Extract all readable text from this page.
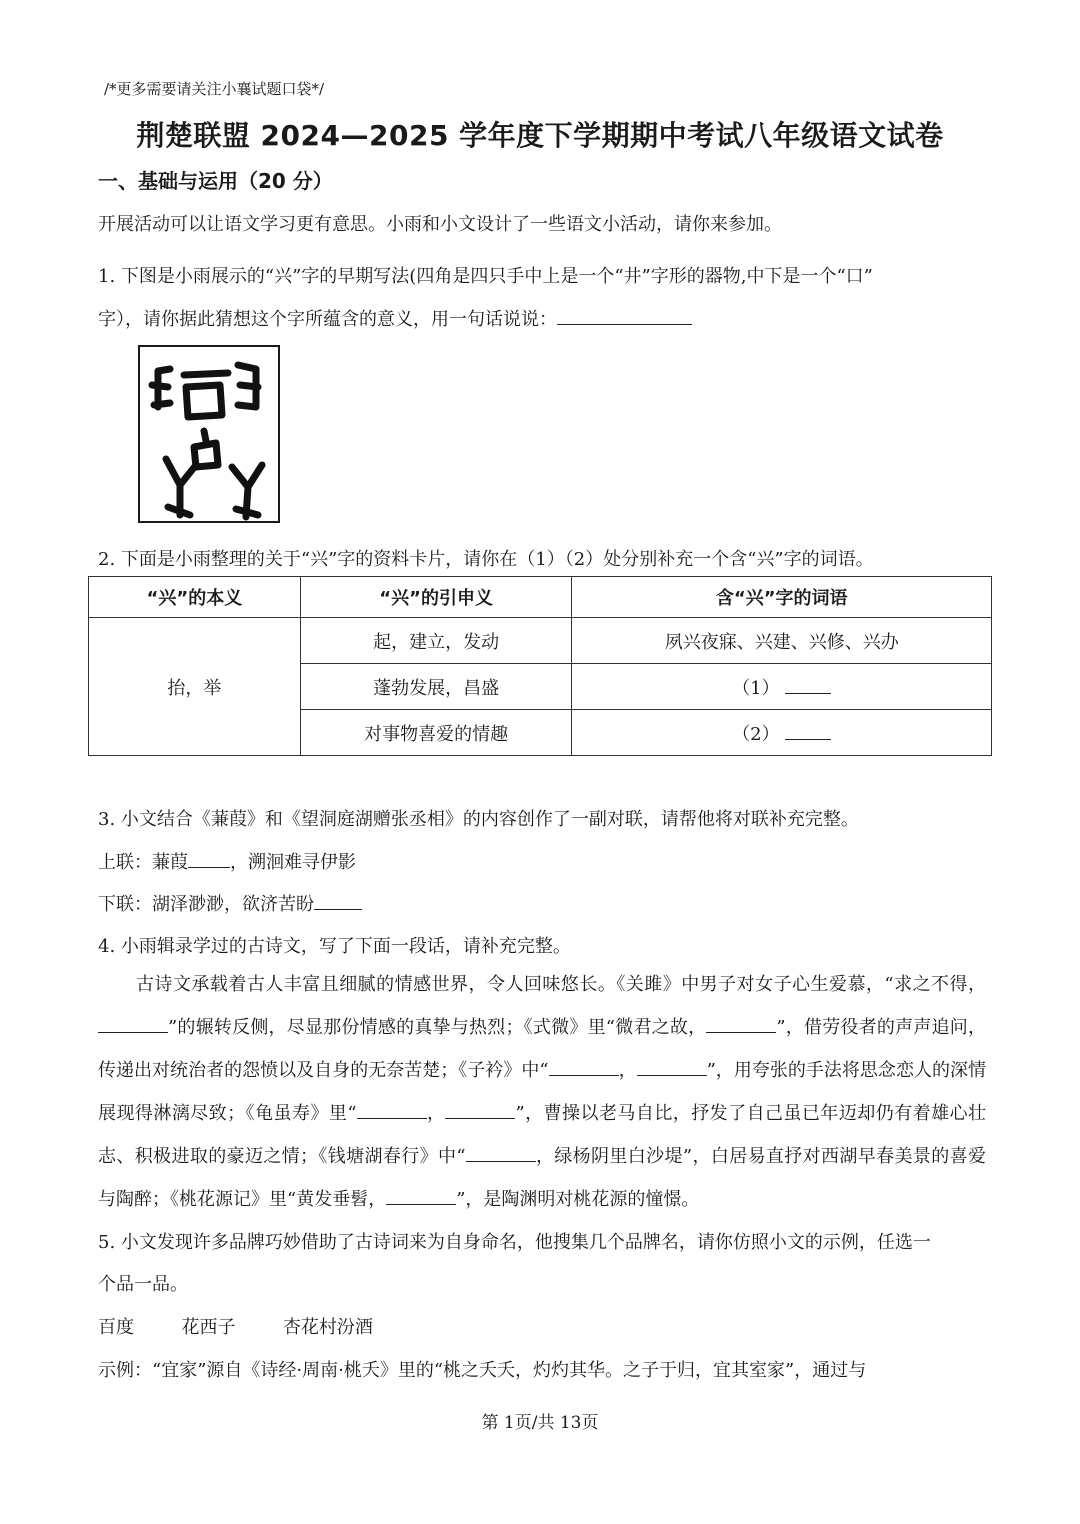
/*更多需要请关注小襄试题口袋*/
荆楚联盟 2024—2025 学年度下学期期中考试八年级语文试卷
一、基础与运用（20 分）
开展活动可以让语文学习更有意思。小雨和小文设计了一些语文小活动，请你来参加。
1. 下图是小雨展示的“兴”字的早期写法(四角是四只手中上是一个“井”字形的器物,中下是一个“口”
字），请你据此猜想这个字所蕴含的意义，用一句话说说：
2. 下面是小雨整理的关于“兴”字的资料卡片，请你在（1）（2）处分别补充一个含“兴”字的词语。
“兴”的本义	“兴”的引申义	含“兴”字的词语
抬，举	起，建立，发动	夙兴夜寐、兴建、兴修、兴办
	蓬勃发展，昌盛	（1）
	对事物喜爱的情趣	（2）
3. 小文结合《蒹葭》和《望洞庭湖赠张丞相》的内容创作了一副对联，请帮他将对联补充完整。
上联：蒹葭 ，溯洄难寻伊影
下联：湖泽渺渺，欲济苦盼
4. 小雨辑录学过的古诗文，写了下面一段话，请补充完整。
古诗文承载着古人丰富且细腻的情感世界，令人回味悠长。《关雎》中男子对女子心生爱慕，“求之不得，”的辗转反侧，尽显那份情感的真挚与热烈；《式微》里“微君之故，	”，借劳役者的声声追问，传递出对统治者的怨愤以及自身的无奈苦楚；《子衿》中“	，	”，用夸张的手法将思念恋人的深情展现得淋漓尽致；《龟虽寿》里“	，	”，曹操以老马自比，抒发了自己虽已年迈却仍有着雄心壮志、积极进取的豪迈之情；《钱塘湖春行》中“	，绿杨阴里白沙堤”，白居易直抒对西湖早春美景的喜爱与陶醉；《桃花源记》里“黄发垂髫，	”，是陶渊明对桃花源的憧憬。
5. 小文发现许多品牌巧妙借助了古诗词来为自身命名，他搜集几个品牌名，请你仿照小文的示例，任选一
个品一品。
百度	花西子	杏花村汾酒
示例：“宜家”源自《诗经·周南·桃夭》里的“桃之夭夭，灼灼其华。之子于归，宜其室家”，通过与
第 1页/共 13页
